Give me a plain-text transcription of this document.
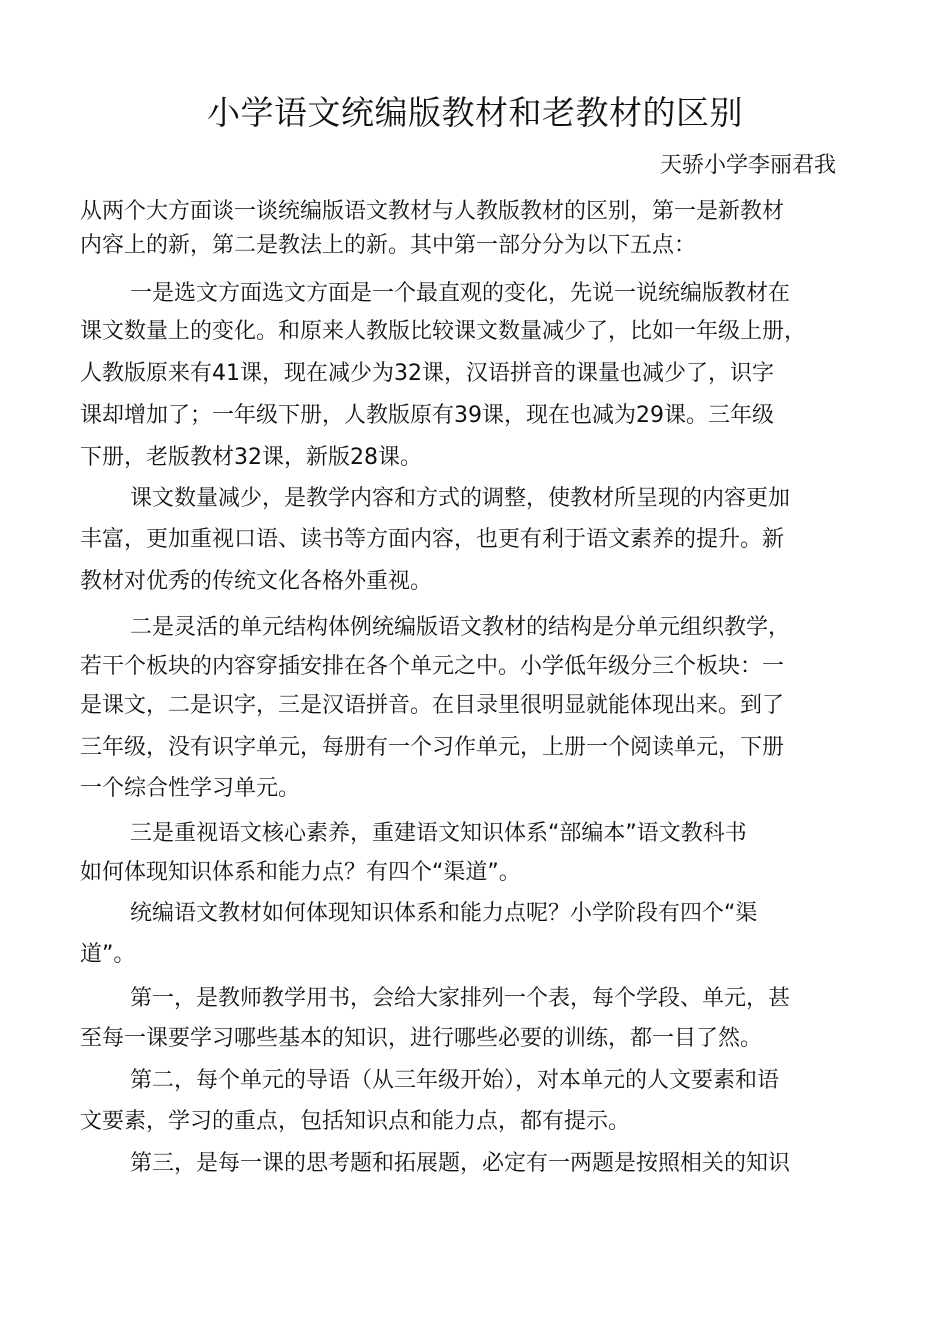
小学语文统编版教材和老教材的区别
天骄小学李丽君我
从两个大方面谈一谈统编版语文教材与人教版教材的区别，第一是新教材
内容上的新，第二是教法上的新。其中第一部分分为以下五点：
一是选文方面选文方面是一个最直观的变化，先说一说统编版教材在
课文数量上的变化。和原来人教版比较课文数量减少了，比如一年级上册，
人教版原来有41课，现在减少为32课，汉语拼音的课量也减少了，识字
课却增加了；一年级下册，人教版原有39课，现在也减为29课。三年级
下册，老版教材32课，新版28课。
课文数量减少，是教学内容和方式的调整，使教材所呈现的内容更加
丰富，更加重视口语、读书等方面内容，也更有利于语文素养的提升。新
教材对优秀的传统文化各格外重视。
二是灵活的单元结构体例统编版语文教材的结构是分单元组织教学，
若干个板块的内容穿插安排在各个单元之中。小学低年级分三个板块：一
是课文，二是识字，三是汉语拼音。在目录里很明显就能体现出来。到了
三年级，没有识字单元，每册有一个习作单元，上册一个阅读单元，下册
一个综合性学习单元。
三是重视语文核心素养，重建语文知识体系“部编本”语文教科书
如何体现知识体系和能力点？有四个“渠道”。
统编语文教材如何体现知识体系和能力点呢？小学阶段有四个“渠
道”。
第一，是教师教学用书，会给大家排列一个表，每个学段、单元，甚
至每一课要学习哪些基本的知识，进行哪些必要的训练，都一目了然。
第二，每个单元的导语（从三年级开始），对本单元的人文要素和语
文要素，学习的重点，包括知识点和能力点，都有提示。
第三，是每一课的思考题和拓展题，必定有一两题是按照相关的知识
